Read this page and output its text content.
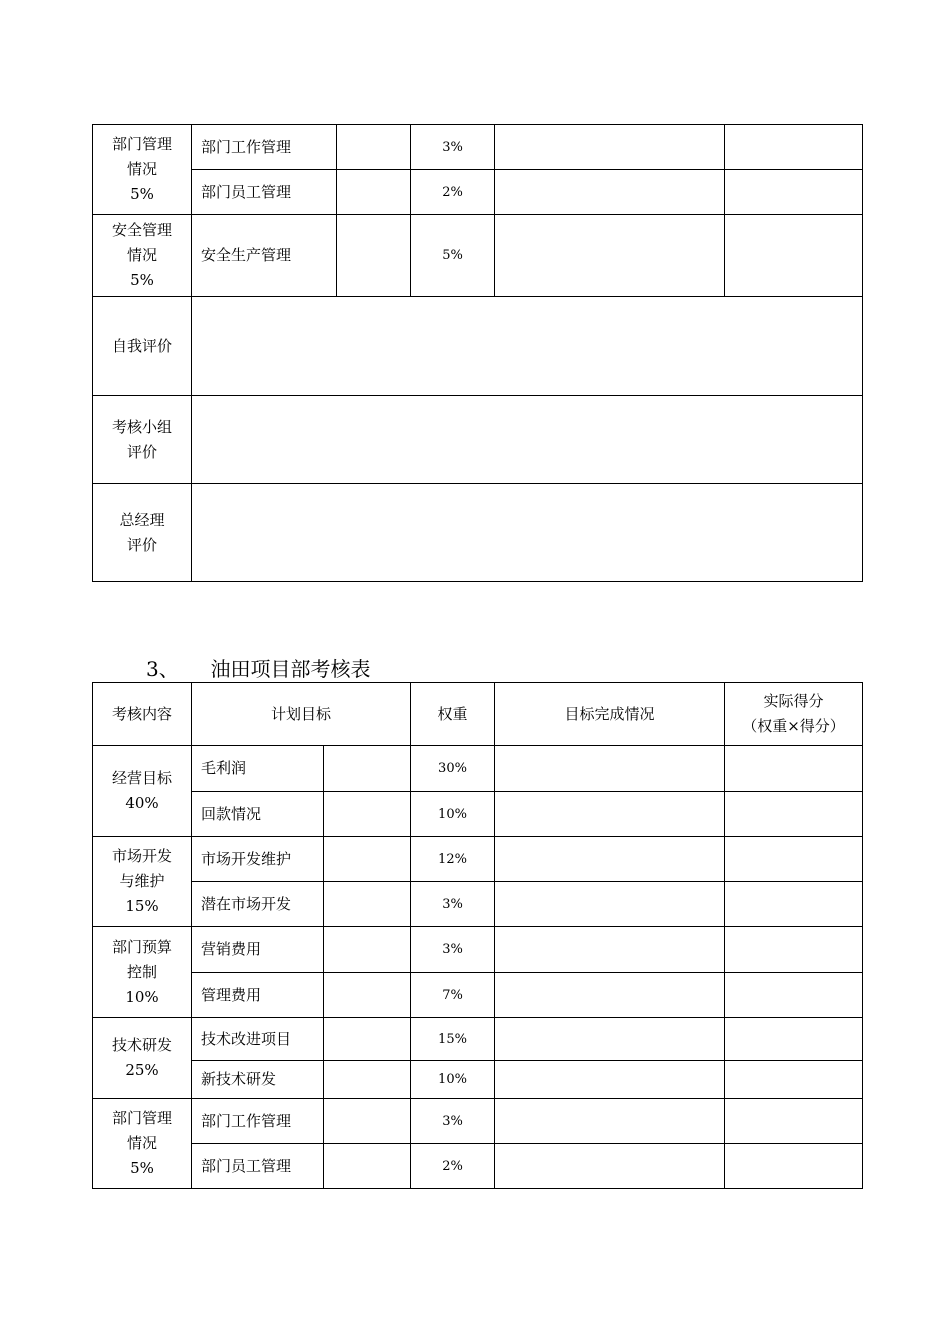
部门管理
情况
5%	部门工作管理		3%		
	部门员工管理		2%		
安全管理
情况
5%	安全生产管理		5%		
自我评价					
考核小组
评价					
总经理
评价					
3、 油田项目部考核表
考核内容	计划目标		权重	目标完成情况	实际得分
（权重×得分）
经营目标
40%	毛利润		30%		
	回款情况		10%		
市场开发
与维护
15%	市场开发维护		12%		
	潜在市场开发		3%		
部门预算
控制
10%	营销费用		3%		
	管理费用		7%		
技术研发
25%	技术改进项目		15%		
	新技术研发		10%		
部门管理
情况
5%	部门工作管理		3%		
	部门员工管理		2%		
